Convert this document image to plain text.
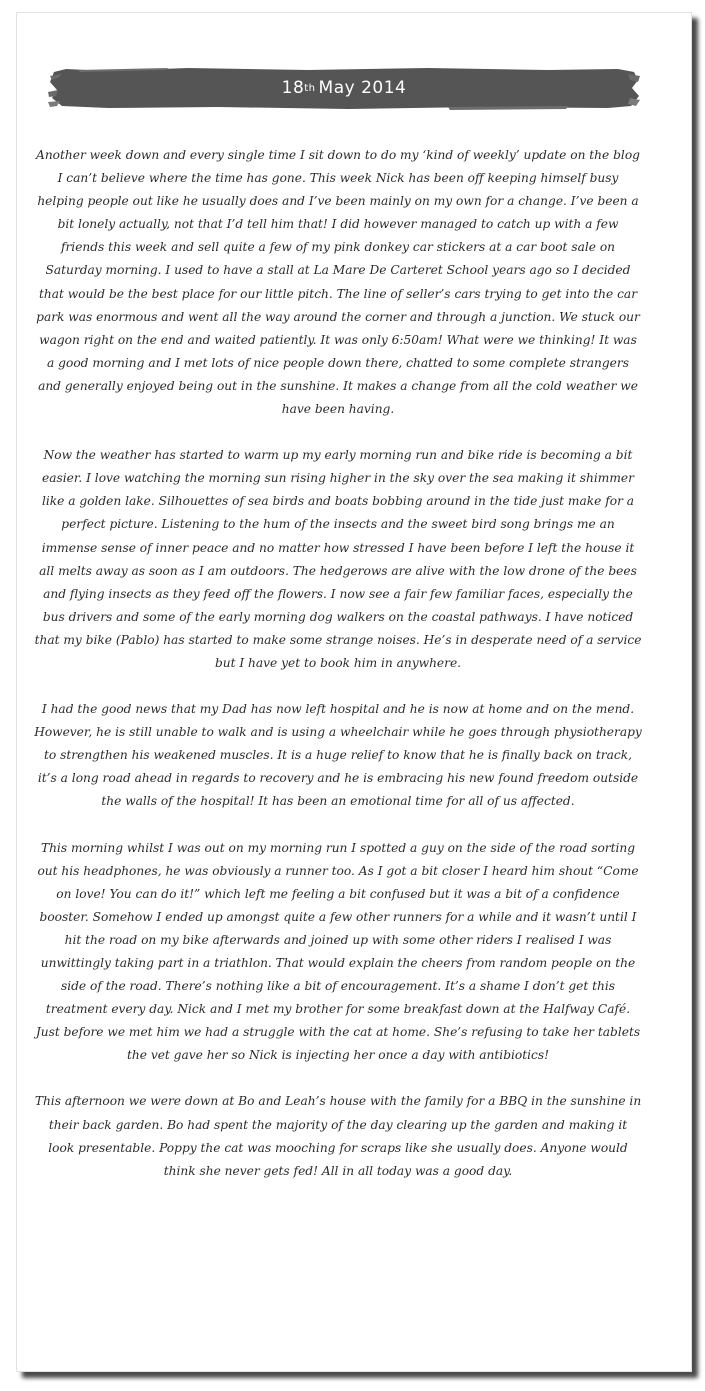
18 th May 2014

Another week down and every single time I sit down to do my ‘kind of weekly’ update on the blog I can’t believe where the time has gone. This week Nick has been off keeping himself busy helping people out like he usually does and I’ve been mainly on my own for a change. I’ve been a bit lonely actually, not that I’d tell him that! I did however managed to catch up with a few friends this week and sell quite a few of my pink donkey car stickers at a car boot sale on Saturday morning. I used to have a stall at La Mare De Carteret School years ago so I decided that would be the best place for our little pitch. The line of seller’s cars trying to get into the car park was enormous and went all the way around the corner and through a junction. We stuck our wagon right on the end and waited patiently. It was only 6:50am! What were we thinking! It was a good morning and I met lots of nice people down there, chatted to some complete strangers and generally enjoyed being out in the sunshine. It makes a change from all the cold weather we have been having.

Now the weather has started to warm up my early morning run and bike ride is becoming a bit easier. I love watching the morning sun rising higher in the sky over the sea making it shimmer like a golden lake. Silhouettes of sea birds and boats bobbing around in the tide just make for a perfect picture. Listening to the hum of the insects and the sweet bird song brings me an immense sense of inner peace and no matter how stressed I have been before I left the house it all melts away as soon as I am outdoors. The hedgerows are alive with the low drone of the bees and flying insects as they feed off the flowers. I now see a fair few familiar faces, especially the bus drivers and some of the early morning dog walkers on the coastal pathways. I have noticed that my bike (Pablo) has started to make some strange noises. He’s in desperate need of a service but I have yet to book him in anywhere.

I had the good news that my Dad has now left hospital and he is now at home and on the mend. However, he is still unable to walk and is using a wheelchair while he goes through physiotherapy to strengthen his weakened muscles. It is a huge relief to know that he is finally back on track, it’s a long road ahead in regards to recovery and he is embracing his new found freedom outside the walls of the hospital! It has been an emotional time for all of us affected.

This morning whilst I was out on my morning run I spotted a guy on the side of the road sorting out his headphones, he was obviously a runner too. As I got a bit closer I heard him shout “Come on love! You can do it!” which left me feeling a bit confused but it was a bit of a confidence booster. Somehow I ended up amongst quite a few other runners for a while and it wasn’t until I hit the road on my bike afterwards and joined up with some other riders I realised I was unwittingly taking part in a triathlon. That would explain the cheers from random people on the side of the road. There’s nothing like a bit of encouragement. It’s a shame I don’t get this treatment every day. Nick and I met my brother for some breakfast down at the Halfway Café. Just before we met him we had a struggle with the cat at home. She’s refusing to take her tablets the vet gave her so Nick is injecting her once a day with antibiotics!

This afternoon we were down at Bo and Leah’s house with the family for a BBQ in the sunshine in their back garden. Bo had spent the majority of the day clearing up the garden and making it look presentable. Poppy the cat was mooching for scraps like she usually does. Anyone would think she never gets fed! All in all today was a good day.
